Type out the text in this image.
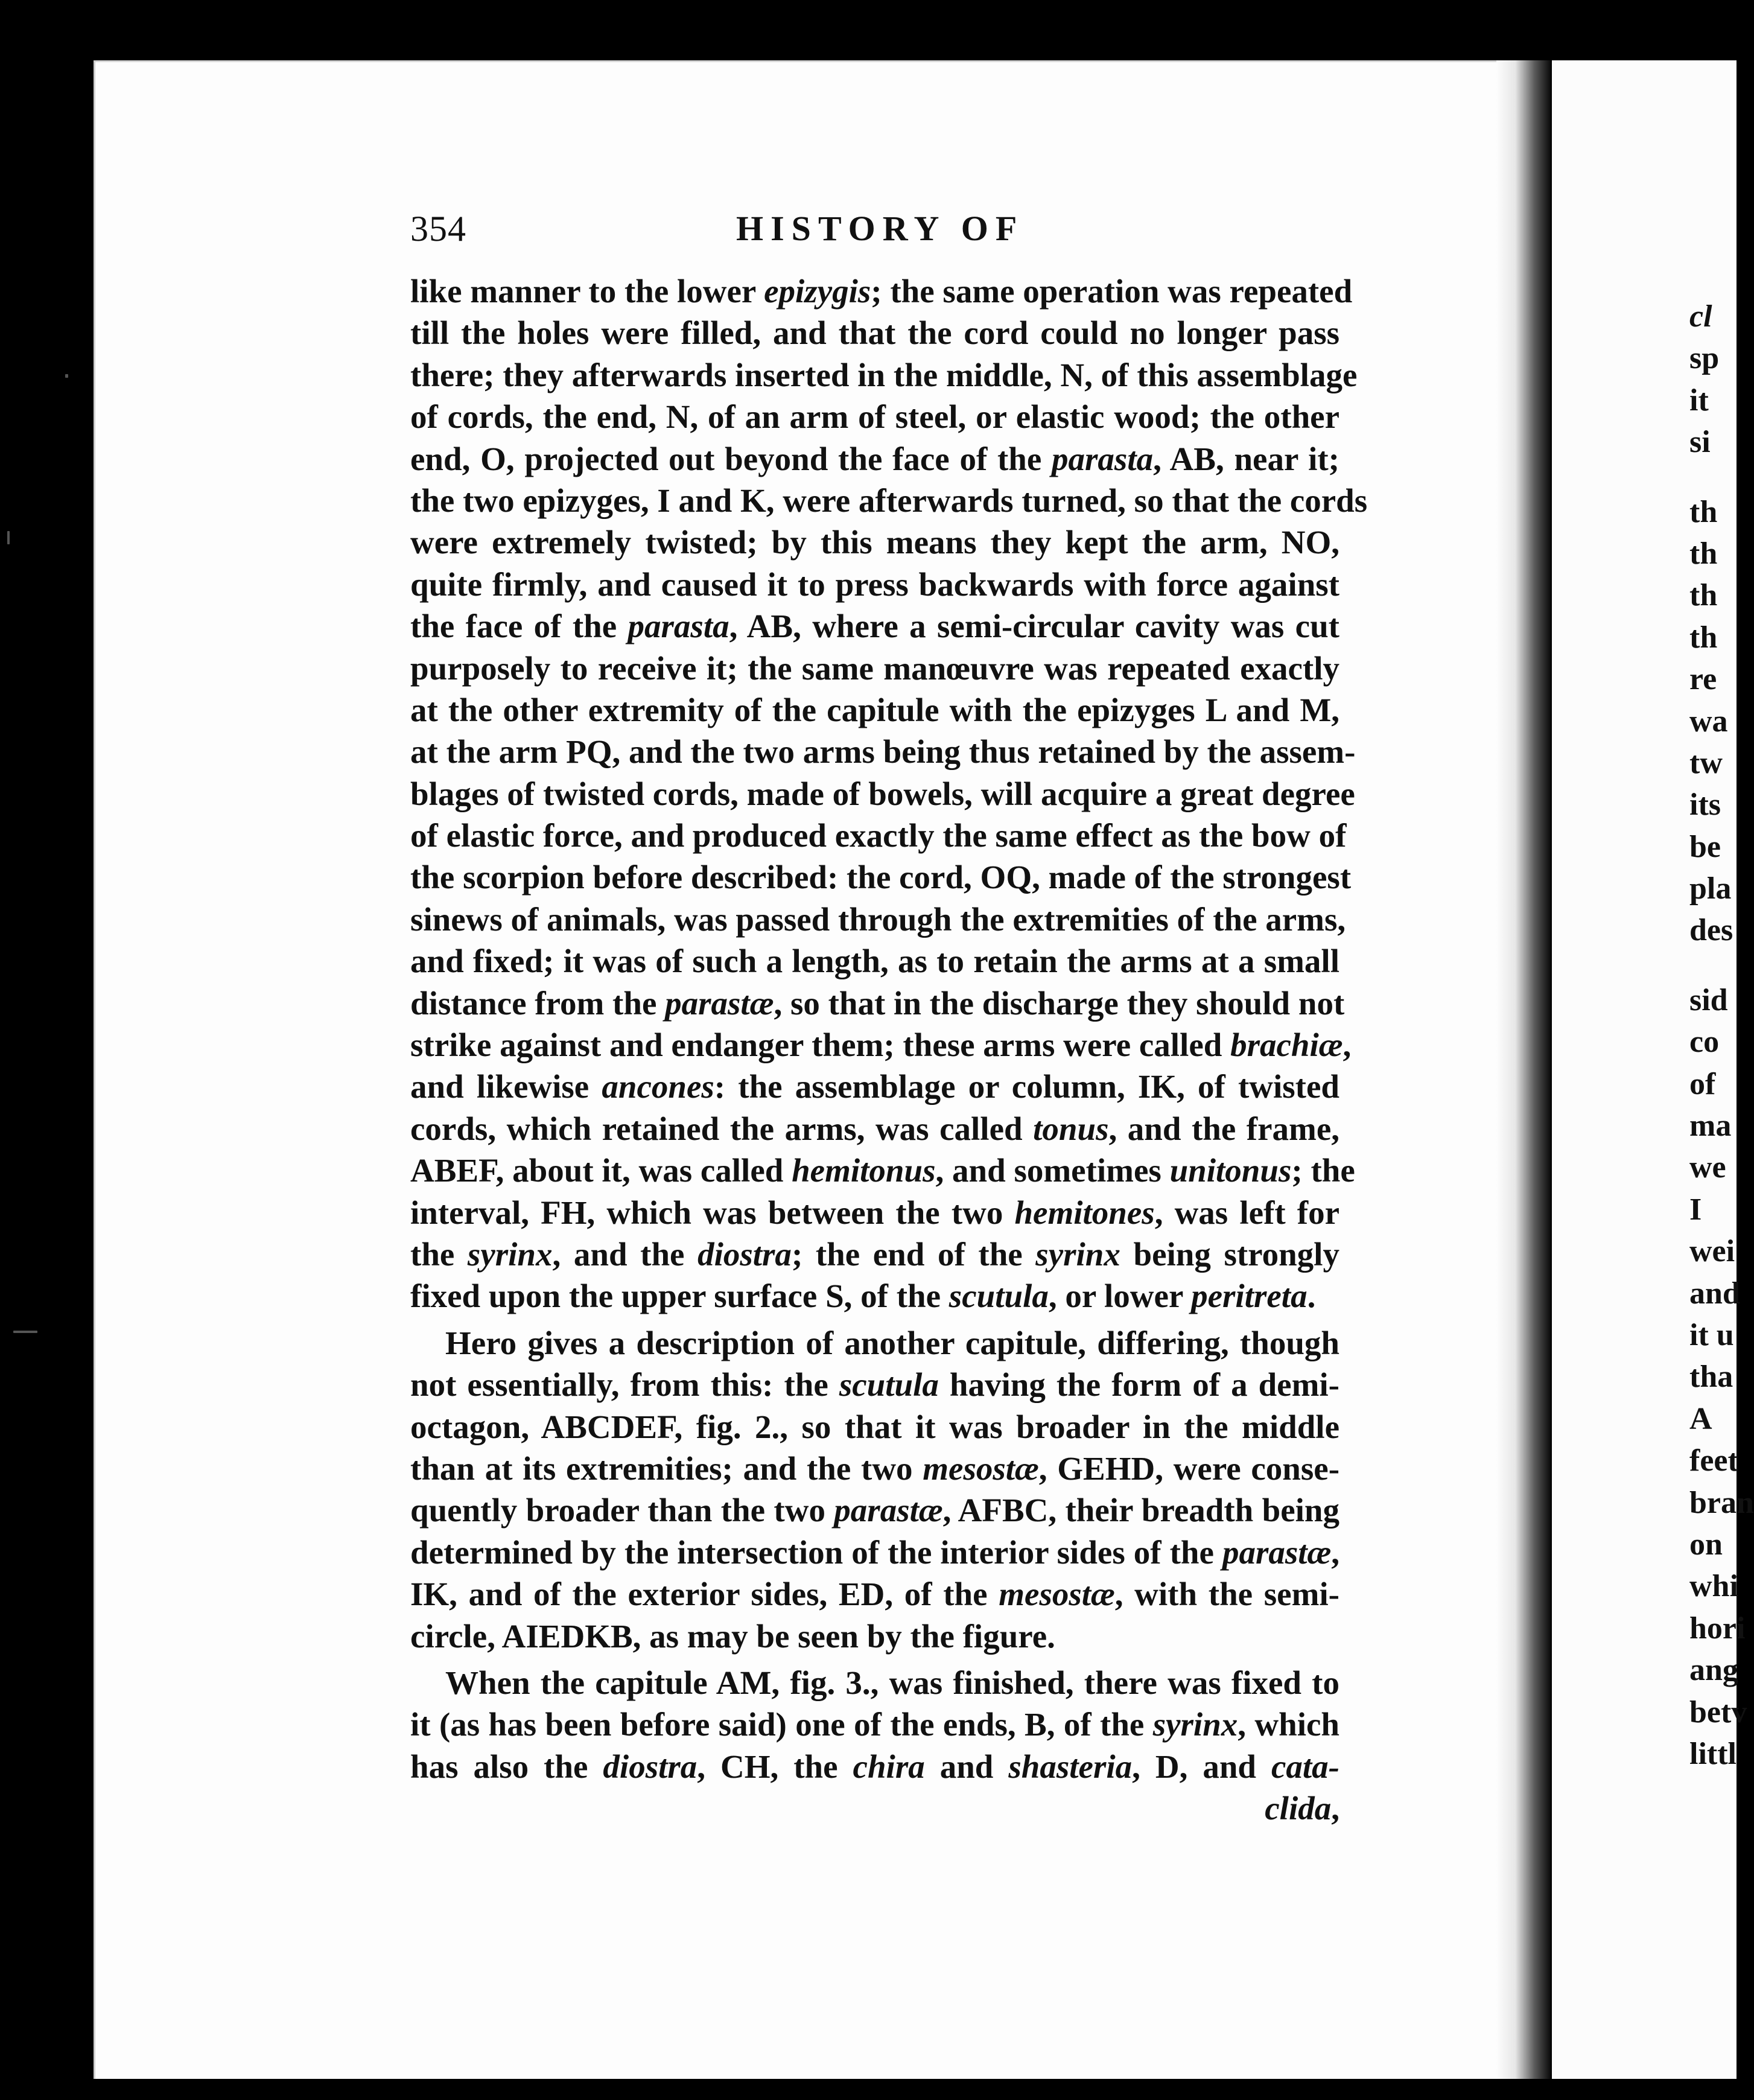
354	HISTORY OF
like manner to the lower epizygis; the same operation was repeated
till the holes were filled, and that the cord could no longer pass
there; they afterwards inserted in the middle, N, of this assemblage
of cords, the end, N, of an arm of steel, or elastic wood; the other
end, O, projected out beyond the face of the parasta, AB, near it;
the two epizyges, I and K, were afterwards turned, so that the cords
were extremely twisted; by this means they kept the arm, NO,
quite firmly, and caused it to press backwards with force against
the face of the parasta, AB, where a semi-circular cavity was cut
purposely to receive it; the same manœuvre was repeated exactly
at the other extremity of the capitule with the epizyges L and M,
at the arm PQ, and the two arms being thus retained by the assem-
blages of twisted cords, made of bowels, will acquire a great degree
of elastic force, and produced exactly the same effect as the bow of
the scorpion before described: the cord, OQ, made of the strongest
sinews of animals, was passed through the extremities of the arms,
and fixed; it was of such a length, as to retain the arms at a small
distance from the parastæ, so that in the discharge they should not
strike against and endanger them; these arms were called brachiæ
and likewise ancones: the assemblage or column, IK, of twisted
cords, which retained the arms, was called tonus, and the frame,
ABEF, about it, was called hemitonus, and sometimes unitonus; the
interval, FH, which was between the two hemitones, was left for
the syrinx, and the diostra; the end of the syrinx being strongly
fixed upon the upper surface S, of the scutula, or lower peritreta.
Hero gives a description of another capitule, differing, though
not essentially, from this: the scutula having the form of a demi-
octagon, ABCDEF, fig. 2., so that it was broader in the middle
than at its extremities; and the two mesostæ, GEHD, were conse-
quently broader than the two parastæ, AFBC, their breadth being
determined by the intersection of the interior sides of the parastæ,
IK, and of the exterior sides, ED, of the mesostæ, with the semi-
circle, AIEDKB, as may be seen by the figure.
When the capitule AM, fig. 3., was finished, there was fixed to
it (as has been before said) one of the ends, B, of the syrinx, which
has also the diostra, CH, the chira and shasteria, D, and cata-
clida,
cl
sp
it
si
th
th
th
th
re
wa
tw
its
be
pla
des
sid
co
of
ma
we
I
wei
and
it u
tha
A
feet
bran
on
whi
hori
ang
betv
littl
